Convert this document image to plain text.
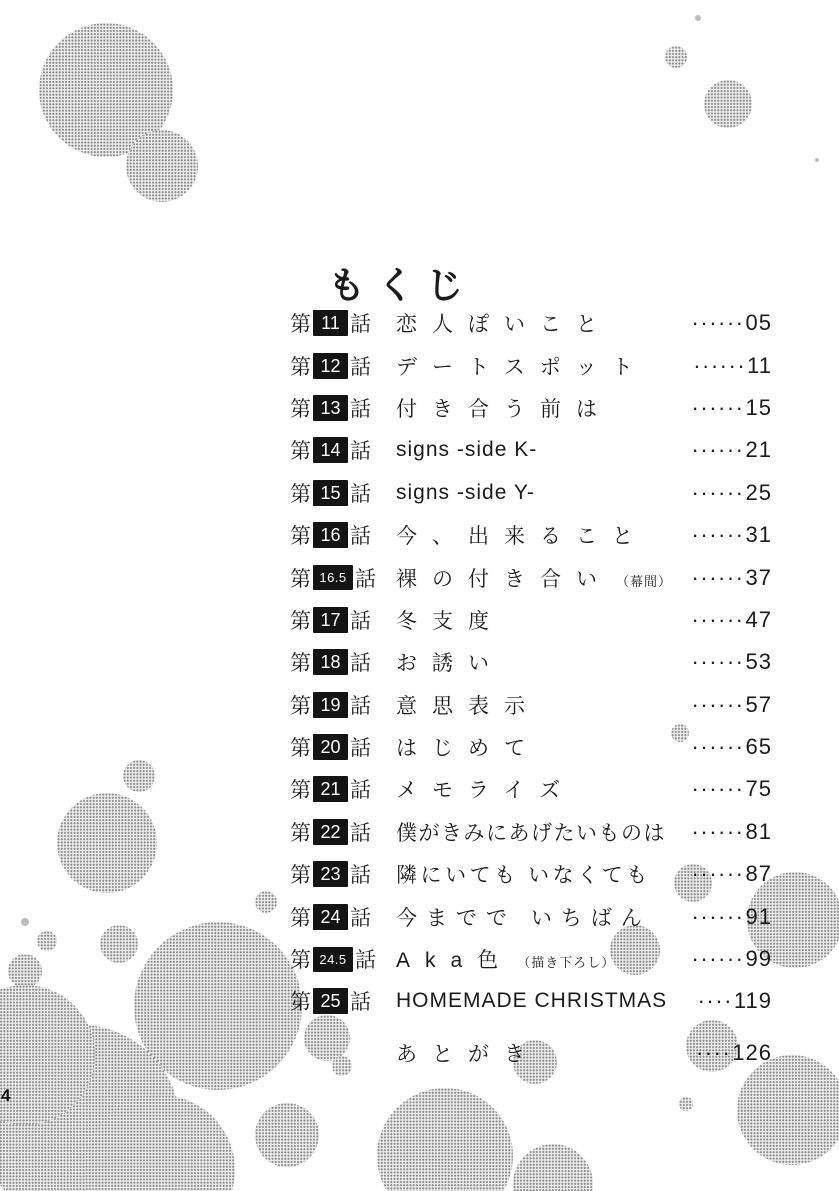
もくじ
第 11 話 恋人ぽいこと	······ 05
第 12 話 デートスポット ······ 11
第 13 話 付き合う前は	······ 15
第 14 話 signs -side K-	······ 21
第 15 話 signs -side Y-	······ 25
第 16 話 今、出来ること ······ 31
第 16.5 話 裸の付き合い （幕間） ······ 37
第 17 話 冬支度	······ 47
第 18 話 お誘い	······ 53
第 19 話 意思表示	······ 57
第 20 話 はじめて	······ 65
第 21 話 メモライズ	······ 75
第 22 話 僕がきみにあげたいものは ······ 81
第 23 話 隣にいても いなくても ······ 87
第 24 話 今までで いちばん ······ 91
第 24.5 話 Aka色 （描き下ろし）	······ 99
第 25 話 HOMEMADE CHRISTMAS ···· 119
あとがき	···· 126
4
